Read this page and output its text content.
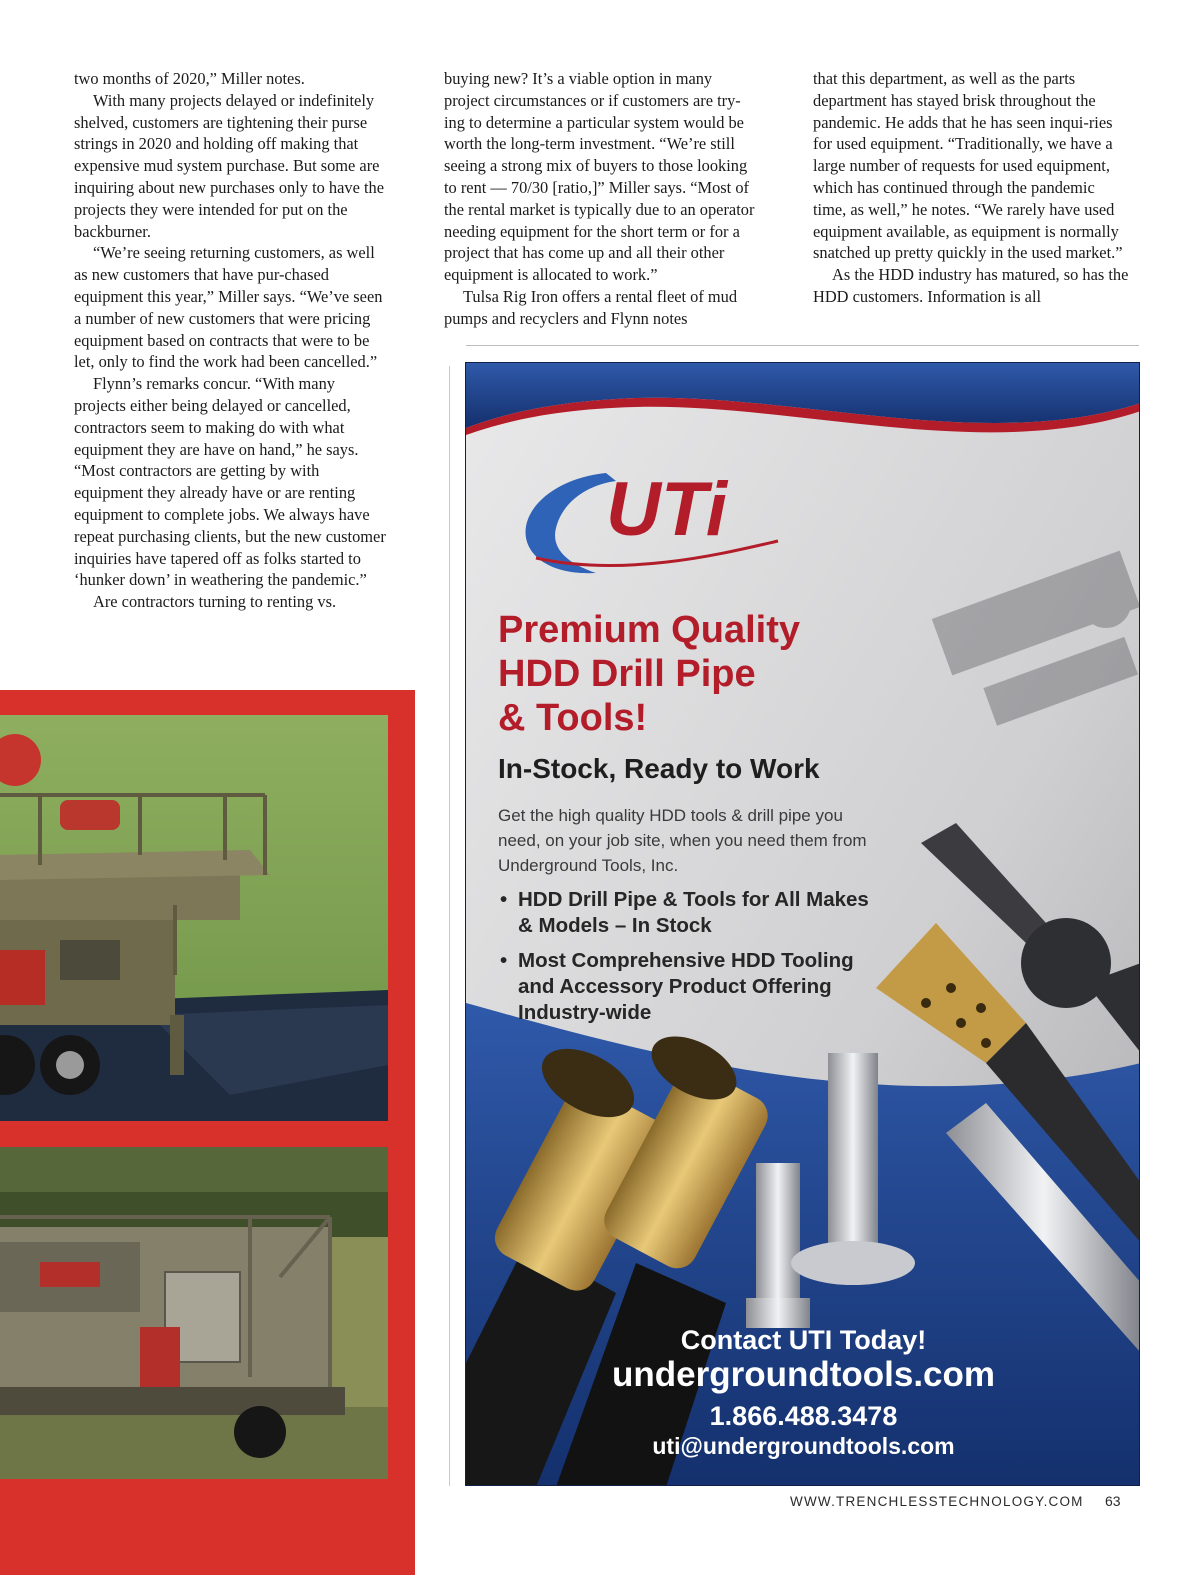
two months of 2020,” Miller notes.

With many projects delayed or indefinitely shelved, customers are tightening their purse strings in 2020 and holding off making that expensive mud system purchase. But some are inquiring about new purchases only to have the projects they were intended for put on the backburner.

“We’re seeing returning customers, as well as new customers that have pur-chased equipment this year,” Miller says. “We’ve seen a number of new customers that were pricing equipment based on contracts that were to be let, only to find the work had been cancelled.”

Flynn’s remarks concur. “With many projects either being delayed or cancelled, contractors seem to making do with what equipment they are have on hand,” he says. “Most contractors are getting by with equipment they already have or are renting equipment to complete jobs. We always have repeat purchasing clients, but the new customer inquiries have tapered off as folks started to ‘hunker down’ in weathering the pandemic.”

Are contractors turning to renting vs.

buying new? It’s a viable option in many project circumstances or if customers are try-ing to determine a particular system would be worth the long-term investment. “We’re still seeing a strong mix of buyers to those looking to rent — 70/30 [ratio,]” Miller says. “Most of the rental market is typically due to an operator needing equipment for the short term or for a project that has come up and all their other equipment is allocated to work.”

Tulsa Rig Iron offers a rental fleet of mud pumps and recyclers and Flynn notes

that this department, as well as the parts department has stayed brisk throughout the pandemic. He adds that he has seen inqui-ries for used equipment. “Traditionally, we have a large number of requests for used equipment, which has continued through the pandemic time, as well,” he notes. “We rarely have used equipment available, as equipment is normally snatched up pretty quickly in the used market.”

As the HDD industry has matured, so has the HDD customers. Information is all

UTi
Premium Quality
HDD Drill Pipe
& Tools!
In-Stock, Ready to Work
Get the high quality HDD tools & drill pipe you need, on your job site, when you need them from Underground Tools, Inc.
• HDD Drill Pipe & Tools for All Makes & Models – In Stock
• Most Comprehensive HDD Tooling and Accessory Product Offering Industry-wide
Contact UTI Today!
undergroundtools.com
1.866.488.3478
uti@undergroundtools.com
WWW.TRENCHLESSTECHNOLOGY.COM 63
